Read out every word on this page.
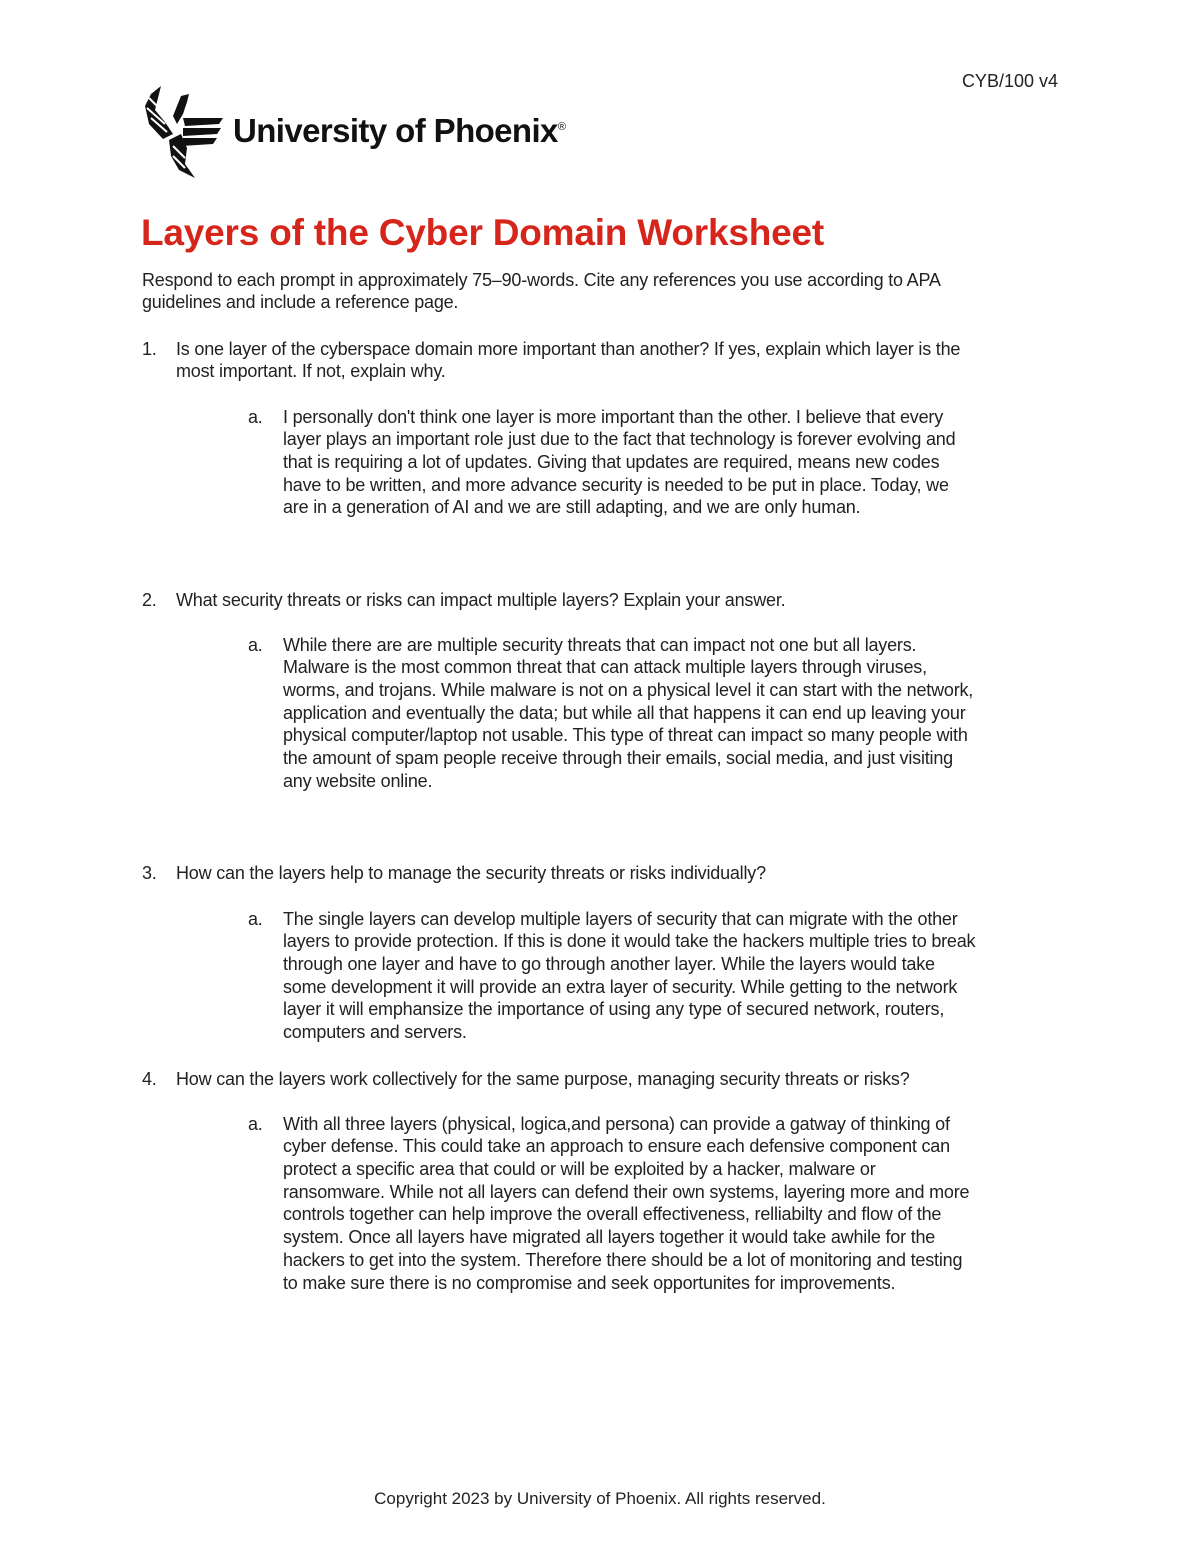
CYB/100 v4
University of Phoenix®
Layers of the Cyber Domain Worksheet
Respond to each prompt in approximately 75–90-words. Cite any references you use according to APA
guidelines and include a reference page.
1. Is one layer of the cyberspace domain more important than another? If yes, explain which layer is the
most important. If not, explain why.
a. I personally don't think one layer is more important than the other. I believe that every
layer plays an important role just due to the fact that technology is forever evolving and
that is requiring a lot of updates. Giving that updates are required, means new codes
have to be written, and more advance security is needed to be put in place. Today, we
are in a generation of AI and we are still adapting, and we are only human.
2. What security threats or risks can impact multiple layers? Explain your answer.
a. While there are are multiple security threats that can impact not one but all layers.
Malware is the most common threat that can attack multiple layers through viruses,
worms, and trojans. While malware is not on a physical level it can start with the network,
application and eventually the data; but while all that happens it can end up leaving your
physical computer/laptop not usable. This type of threat can impact so many people with
the amount of spam people receive through their emails, social media, and just visiting
any website online.
3. How can the layers help to manage the security threats or risks individually?
a. The single layers can develop multiple layers of security that can migrate with the other
layers to provide protection. If this is done it would take the hackers multiple tries to break
through one layer and have to go through another layer. While the layers would take
some development it will provide an extra layer of security. While getting to the network
layer it will emphansize the importance of using any type of secured network, routers,
computers and servers.
4. How can the layers work collectively for the same purpose, managing security threats or risks?
a. With all three layers (physical, logica,and persona) can provide a gatway of thinking of
cyber defense. This could take an approach to ensure each defensive component can
protect a specific area that could or will be exploited by a hacker, malware or
ransomware. While not all layers can defend their own systems, layering more and more
controls together can help improve the overall effectiveness, relliabilty and flow of the
system. Once all layers have migrated all layers together it would take awhile for the
hackers to get into the system. Therefore there should be a lot of monitoring and testing
to make sure there is no compromise and seek opportunites for improvements.
Copyright 2023 by University of Phoenix. All rights reserved.
